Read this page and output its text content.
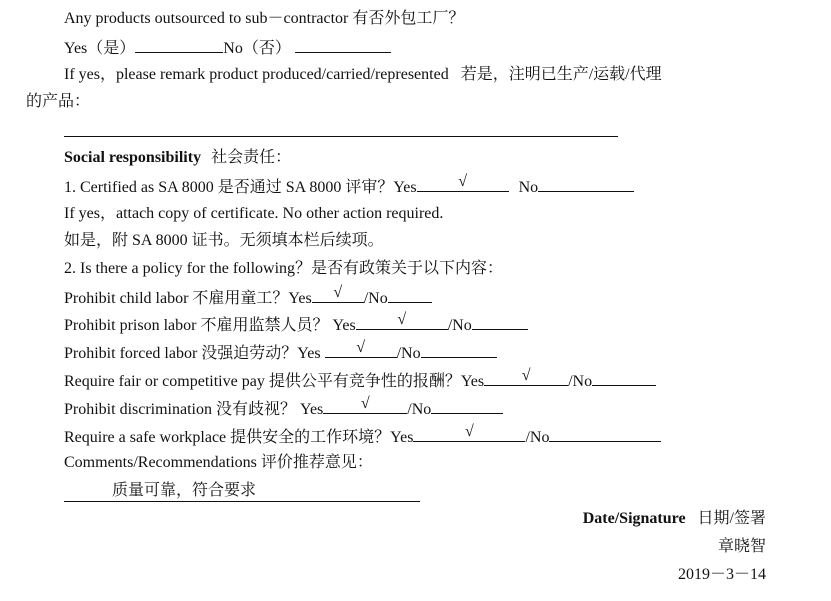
Any products outsourced to sub－contractor 有否外包工厂？
Yes（是）	No（否）
If yes，please remark product produced/carried/represented 若是，注明已生产/运载/代理
的产品：
Social responsibility 社会责任：
1. Certified as SA 8000 是否通过 SA 8000 评审？Yes	√	No
If yes，attach copy of certificate. No other action required.
如是，附 SA 8000 证书。无须填本栏后续项。
2. Is there a policy for the following？是否有政策关于以下内容：
Prohibit child labor 不雇用童工？Yes	√	/No
Prohibit prison labor 不雇用监禁人员？ Yes	√	/No
Prohibit forced labor 没强迫劳动？Yes	√	/No
Require fair or competitive pay 提供公平有竞争性的报酬？Yes	√	/No
Prohibit discrimination 没有歧视？ Yes	√	/No
Require a safe workplace 提供安全的工作环境？Yes	√	/No
Comments/Recommendations 评价推荐意见：
质量可靠，符合要求
Date/Signature 日期/签署
章晓智
2019－3－14
